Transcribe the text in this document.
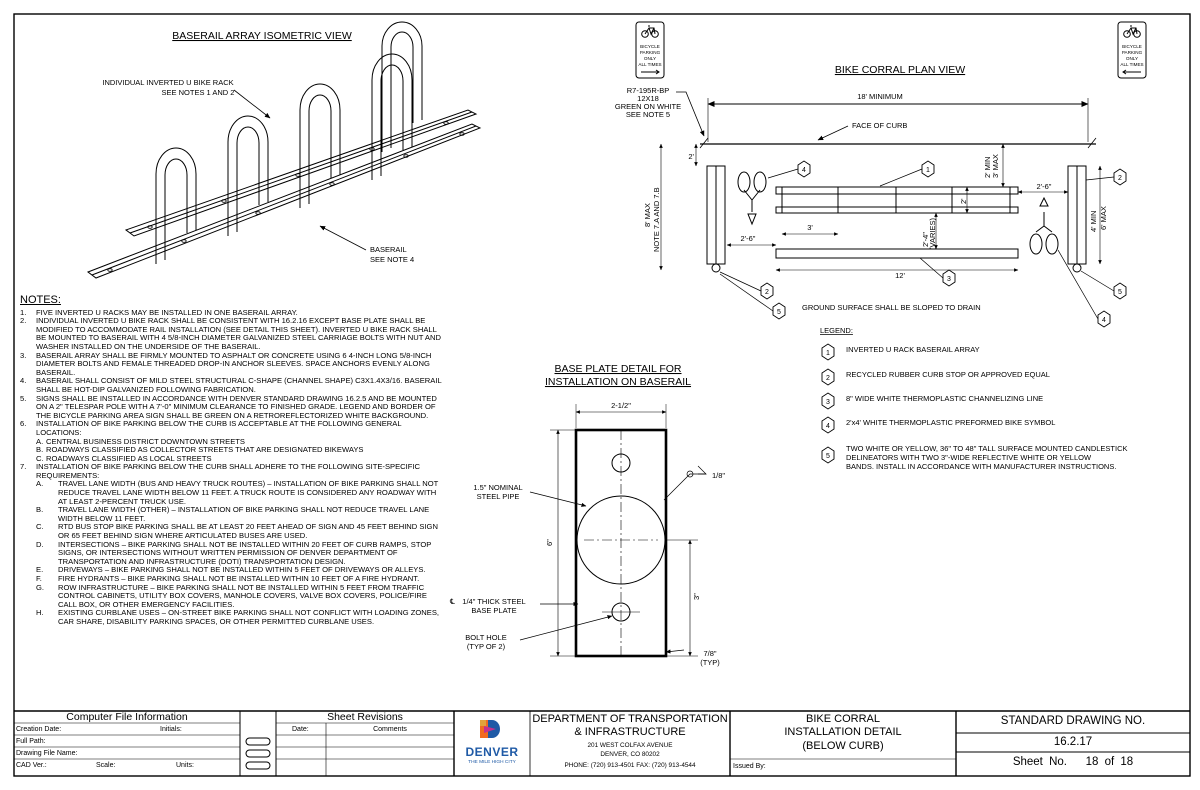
BASERAIL ARRAY ISOMETRIC VIEW
INDIVIDUAL INVERTED U BIKE RACK
SEE NOTES 1 AND 2
BASERAIL
SEE NOTE 4
BIKE CORRAL PLAN VIEW
BICYCLE
PARKING
ONLY
ALL TIMES
BICYCLE
PARKING
ONLY
ALL TIMES
R7-195R-BP
12X18
GREEN ON WHITE
SEE NOTE 5
18' MINIMUM
FACE OF CURB
2'
8' MAX NOTE 7.A AND 7.B	2'-6"
3'
2'-4"
(VARIES)
2'
12'
2' MIN 3' MAX
2'-6"
4' MIN 6' MAX
GROUND SURFACE SHALL BE SLOPED TO DRAIN
1
4
2
3
2
5
5
4
LEGEND:
1
2
3
4
5
INVERTED U RACK BASERAIL ARRAY
RECYCLED RUBBER CURB STOP OR APPROVED EQUAL
8" WIDE WHITE THERMOPLASTIC CHANNELIZING LINE
2'x4' WHITE THERMOPLASTIC PREFORMED BIKE SYMBOL
TWO WHITE OR YELLOW, 36" TO 48" TALL SURFACE MOUNTED CANDLESTICK
DELINEATORS WITH TWO 3"-WIDE REFLECTIVE WHITE OR YELLOW
BANDS. INSTALL IN ACCORDANCE WITH MANUFACTURER INSTRUCTIONS.
BASE PLATE DETAIL FOR
INSTALLATION ON BASERAIL
2-1/2"
1/8"
1.5" NOMINAL
STEEL PIPE
6"
3"
℄ 1/4" THICK STEEL
BASE PLATE
BOLT HOLE
(TYP OF 2)
7/8"
(TYP)
NOTES:
1.	FIVE INVERTED U RACKS MAY BE INSTALLED IN ONE BASERAIL ARRAY.
2.	INDIVIDUAL INVERTED U BIKE RACK SHALL BE CONSISTENT WITH 16.2.16 EXCEPT BASE PLATE SHALL BE MODIFIED TO ACCOMMODATE RAIL INSTALLATION (SEE DETAIL THIS SHEET). INVERTED U BIKE RACK SHALL BE MOUNTED TO BASERAIL WITH 4 5/8-INCH DIAMETER GALVANIZED STEEL CARRIAGE BOLTS WITH NUT AND WASHER INSTALLED ON THE UNDERSIDE OF THE BASERAIL.
3.	BASERAIL ARRAY SHALL BE FIRMLY MOUNTED TO ASPHALT OR CONCRETE USING 6 4-INCH LONG 5/8-INCH DIAMETER BOLTS AND FEMALE THREADED DROP-IN ANCHOR SLEEVES. SPACE ANCHORS EVENLY ALONG BASERAIL.
4.	BASERAIL SHALL CONSIST OF MILD STEEL STRUCTURAL C-SHAPE (CHANNEL SHAPE) C3X1.4X3/16. BASERAIL SHALL BE HOT-DIP GALVANIZED FOLLOWING FABRICATION.
5.	SIGNS SHALL BE INSTALLED IN ACCORDANCE WITH DENVER STANDARD DRAWING 16.2.5 AND BE MOUNTED ON A 2" TELESPAR POLE WITH A 7'-0" MINIMUM CLEARANCE TO FINISHED GRADE. LEGEND AND BORDER OF THE BICYCLE PARKING AREA SIGN SHALL BE GREEN ON A RETROREFLECTORIZED WHITE BACKGROUND.
6.	INSTALLATION OF BIKE PARKING BELOW THE CURB IS ACCEPTABLE AT THE FOLLOWING GENERAL LOCATIONS:
A. CENTRAL BUSINESS DISTRICT DOWNTOWN STREETS
B. ROADWAYS CLASSIFIED AS COLLECTOR STREETS THAT ARE DESIGNATED BIKEWAYS
C. ROADWAYS CLASSIFIED AS LOCAL STREETS
7.	INSTALLATION OF BIKE PARKING BELOW THE CURB SHALL ADHERE TO THE FOLLOWING SITE-SPECIFIC REQUIREMENTS:
A.	TRAVEL LANE WIDTH (BUS AND HEAVY TRUCK ROUTES) – INSTALLATION OF BIKE PARKING SHALL NOT REDUCE TRAVEL LANE WIDTH BELOW 11 FEET. A TRUCK ROUTE IS CONSIDERED ANY ROADWAY WITH AT LEAST 2-PERCENT TRUCK USE.
B.	TRAVEL LANE WIDTH (OTHER) – INSTALLATION OF BIKE PARKING SHALL NOT REDUCE TRAVEL LANE WIDTH BELOW 11 FEET.
C.	RTD BUS STOP BIKE PARKING SHALL BE AT LEAST 20 FEET AHEAD OF SIGN AND 45 FEET BEHIND SIGN OR 65 FEET BEHIND SIGN WHERE ARTICULATED BUSES ARE USED.
D.	INTERSECTIONS – BIKE PARKING SHALL NOT BE INSTALLED WITHIN 20 FEET OF CURB RAMPS, STOP SIGNS, OR INTERSECTIONS WITHOUT WRITTEN PERMISSION OF DENVER DEPARTMENT OF TRANSPORTATION AND INFRASTRUCTURE (DOTI) TRANSPORTATION DESIGN.
E.	DRIVEWAYS – BIKE PARKING SHALL NOT BE INSTALLED WITHIN 5 FEET OF DRIVEWAYS OR ALLEYS.
F.	FIRE HYDRANTS – BIKE PARKING SHALL NOT BE INSTALLED WITHIN 10 FEET OF A FIRE HYDRANT.
G.	ROW INFRASTRUCTURE – BIKE PARKING SHALL NOT BE INSTALLED WITHIN 5 FEET FROM TRAFFIC CONTROL CABINETS, UTILITY BOX COVERS, MANHOLE COVERS, VALVE BOX COVERS, POLICE/FIRE CALL BOX, OR OTHER EMERGENCY FACILITIES.
H.	EXISTING CURBLANE USES – ON-STREET BIKE PARKING SHALL NOT CONFLICT WITH LOADING ZONES, CAR SHARE, DISABILITY PARKING SPACES, OR OTHER PERMITTED CURBLANE USES.
Computer File Information
Creation Date:	Initials:
Full Path:
Drawing File Name:
CAD Ver.:	Scale:	Units:
Sheet Revisions
Date:	Comments
DENVER
THE MILE HIGH CITY
DEPARTMENT OF TRANSPORTATION
& INFRASTRUCTURE
201 WEST COLFAX AVENUE
DENVER, CO 80202
PHONE: (720) 913-4501 FAX: (720) 913-4544
BIKE CORRAL
INSTALLATION DETAIL
(BELOW CURB)
Issued By:
STANDARD DRAWING NO.
16.2.17
Sheet No. 18 of 18
